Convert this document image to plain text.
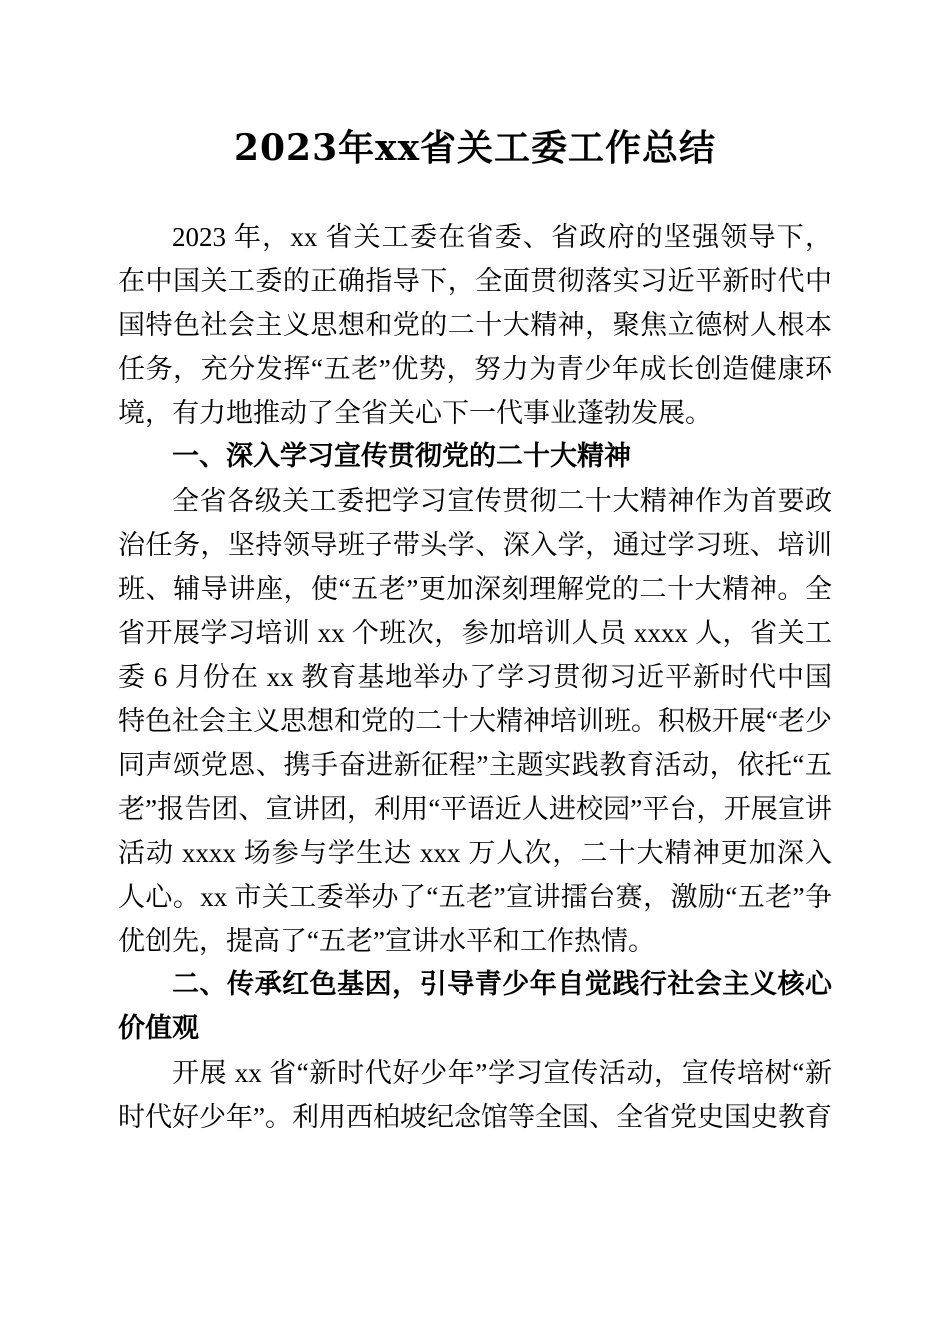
2023年xx省关工委工作总结

2023 年，xx 省关工委在省委、省政府的坚强领导下，在中国关工委的正确指导下，全面贯彻落实习近平新时代中国特色社会主义思想和党的二十大精神，聚焦立德树人根本任务，充分发挥“五老”优势，努力为青少年成长创造健康环境，有力地推动了全省关心下一代事业蓬勃发展。

一、深入学习宣传贯彻党的二十大精神

全省各级关工委把学习宣传贯彻二十大精神作为首要政治任务，坚持领导班子带头学、深入学，通过学习班、培训班、辅导讲座，使“五老”更加深刻理解党的二十大精神。全省开展学习培训 xx 个班次，参加培训人员 xxxx 人，省关工委 6 月份在 xx 教育基地举办了学习贯彻习近平新时代中国特色社会主义思想和党的二十大精神培训班。积极开展“老少同声颂党恩、携手奋进新征程”主题实践教育活动，依托“五老”报告团、宣讲团，利用“平语近人进校园”平台，开展宣讲活动 xxxx 场参与学生达 xxx 万人次，二十大精神更加深入人心。xx 市关工委举办了“五老”宣讲擂台赛，激励“五老”争优创先，提高了“五老”宣讲水平和工作热情。

二、传承红色基因，引导青少年自觉践行社会主义核心价值观

开展 xx 省“新时代好少年”学习宣传活动，宣传培树“新时代好少年”。利用西柏坡纪念馆等全国、全省党史国史教育
